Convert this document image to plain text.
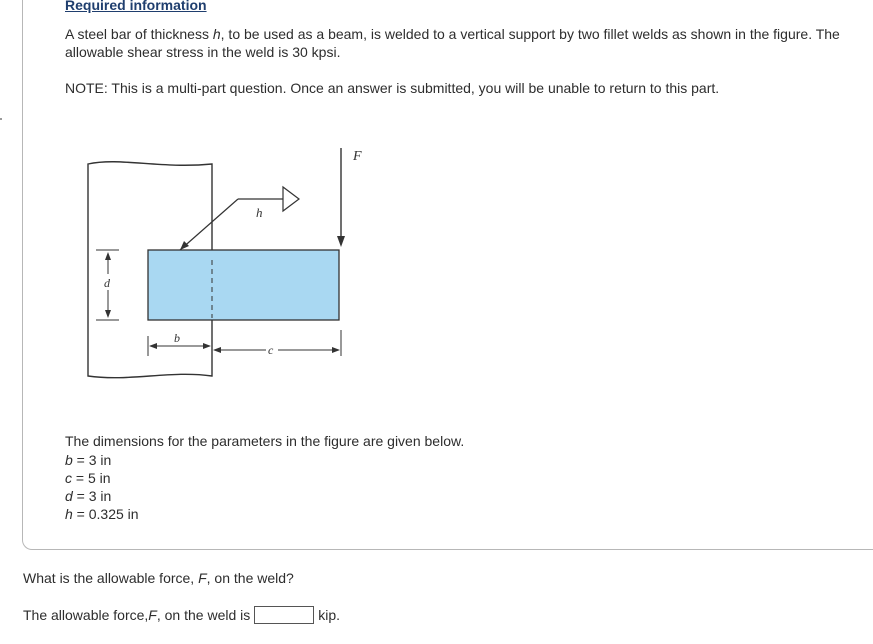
Required information
A steel bar of thickness h, to be used as a beam, is welded to a vertical support by two fillet welds as shown in the figure. The allowable shear stress in the weld is 30 kpsi.
NOTE: This is a multi-part question. Once an answer is submitted, you will be unable to return to this part.
h
F
d
b
c
The dimensions for the parameters in the figure are given below.
b = 3 in
c = 5 in
d = 3 in
h = 0.325 in
What is the allowable force, F, on the weld?
The allowable force, F , on the weld is	kip.
